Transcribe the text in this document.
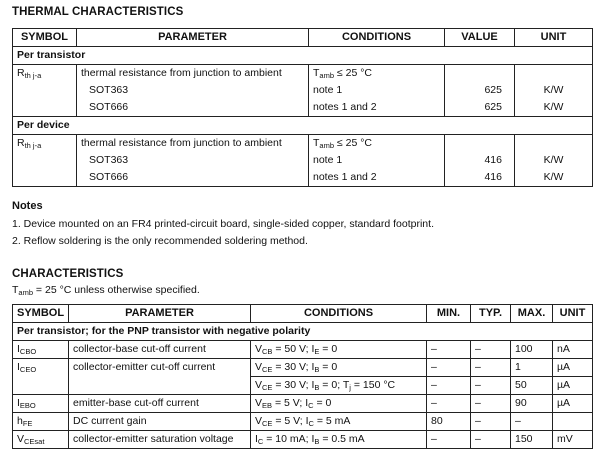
THERMAL CHARACTERISTICS
SYMBOL	PARAMETER	CONDITIONS	VALUE	UNIT
Per transistor				
$R_{th j-a}$	thermal resistance from junction to ambient	$T_{amb} \le 25$ °C		
	SOT363	note 1	625	K/W
	SOT666	notes 1 and 2	625	K/W
Per device				
$R_{th j-a}$	thermal resistance from junction to ambient	$T_{amb} \le 25$ °C		
	SOT363	note 1	416	K/W
	SOT666	notes 1 and 2	416	K/W
Notes
1. Device mounted on an FR4 printed-circuit board, single-sided copper, standard footprint.
2. Reflow soldering is the only recommended soldering method.
CHARACTERISTICS
$T_{amb} = 25$ °C unless otherwise specified.
SYMBOL	PARAMETER	CONDITIONS	MIN.	TYP.	MAX.	UNIT
Per transistor; for the PNP transistor with negative polarity						
$I_{CBO}$	collector-base cut-off current	$V_{CB} = 50$ V; $I_E = 0$	–	–	100	nA
$I_{CEO}$	collector-emitter cut-off current	$V_{CE} = 30$ V; $I_B = 0$	–	–	1	µA
		$V_{CE} = 30$ V; $I_B = 0$; $T_j = 150$ °C	–	–	50	µA
$I_{EBO}$	emitter-base cut-off current	$V_{EB} = 5$ V; $I_C = 0$	–	–	90	µA
$h_{FE}$	DC current gain	$V_{CE} = 5$ V; $I_C = 5$ mA	80	–	–	
$V_{CEsat}$	collector-emitter saturation voltage	$I_C = 10$ mA; $I_B = 0.5$ mA	–	–	150	mV
